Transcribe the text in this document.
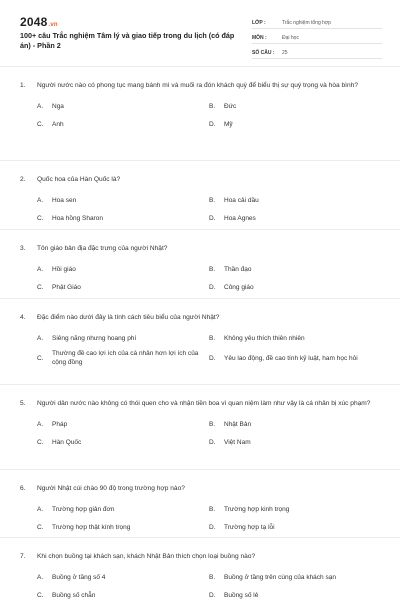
2048.vn
100+ câu Trắc nghiệm Tâm lý và giao tiếp trong du lịch (có đáp án) - Phần 2
LỚP :	Trắc nghiệm tổng hợp
MÔN :	Đại học
SỐ CÂU :	25
1.	Người nước nào có phong tục mang bánh mì và muối ra đón khách quý để biểu thị sự quý trọng và hòa bình?
A.	Nga	B.	Đức
C.	Anh	D.	Mỹ
2.	Quốc hoa của Hàn Quốc là?
A.	Hoa sen	B.	Hoa cải dầu
C.	Hoa hồng Sharon	D.	Hoa Agnes
3.	Tôn giáo bản địa đặc trưng của người Nhật?
A.	Hồi giáo	B.	Thần đạo
C.	Phật Giáo	D.	Công giáo
4.	Đặc điểm nào dưới đây là tính cách tiêu biểu của người Nhật?
A.	Siêng năng nhưng hoang phí	B.	Không yêu thích thiên nhiên
C.
Thường đề cao lợi ích của cá nhân hơn lợi ích của cộng đồng
D.	Yêu lao động, đề cao tính kỷ luật, ham học hỏi
5.	Người dân nước nào không có thói quen cho và nhận tiền boa vì quan niệm làm như vậy là cá nhân bị xúc phạm?
A.	Pháp	B.	Nhật Bản
C.	Hàn Quốc	D.	Việt Nam
6.	Người Nhật cúi chào 90 độ trong trường hợp nào?
A.	Trường hợp giản đơn	B.	Trường hợp kinh trọng
C.	Trường hợp thật kính trọng	D.	Trường hợp tạ lỗi
7.	Khi chọn buồng tại khách sạn, khách Nhật Bản thích chọn loại buồng nào?
A.	Buồng ở tầng số 4	B.	Buồng ở tầng trên cùng của khách sạn
C.	Buồng số chẵn	D.	Buồng số lẻ
